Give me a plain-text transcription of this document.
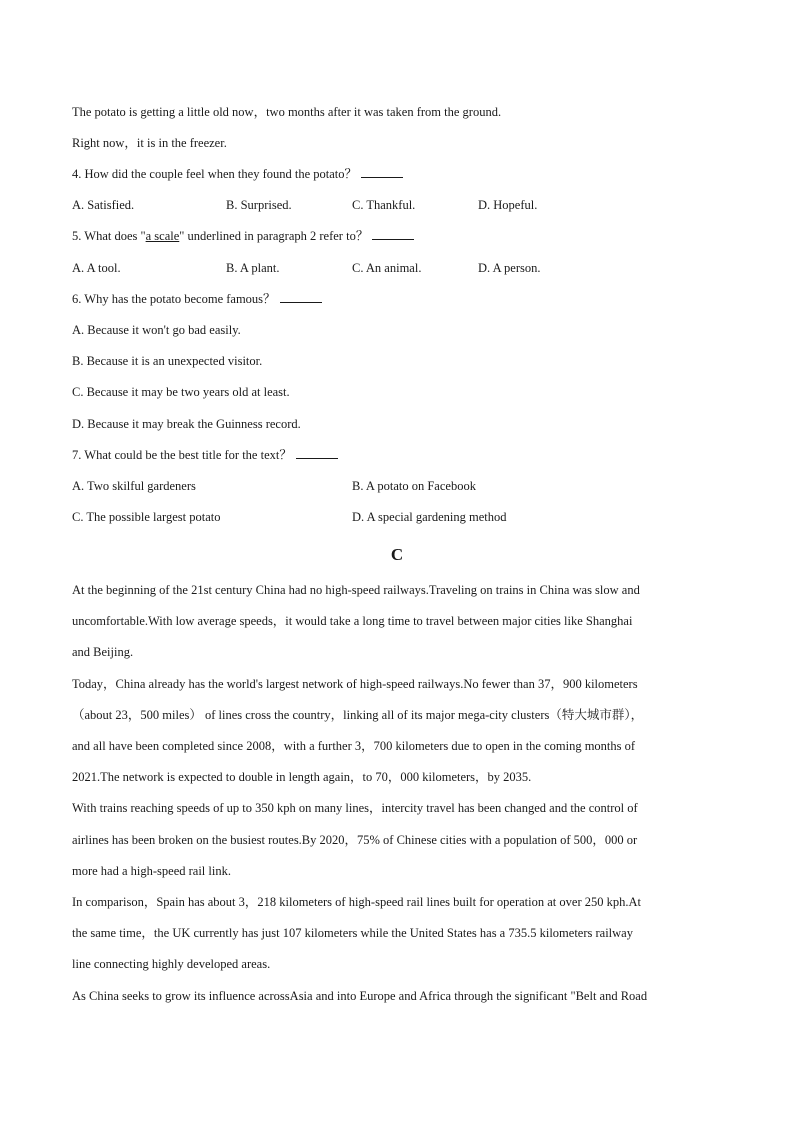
The potato is getting a little old now，two months after it was taken from the ground.
Right now，it is in the freezer.
4. How did the couple feel when they found the potato？
A. Satisfied.	B. Surprised.	C. Thankful.	D. Hopeful.
5. What does "a scale" underlined in paragraph 2 refer to？
A. A tool.	B. A plant.	C. An animal.	D. A person.
6. Why has the potato become famous？
A. Because it won't go bad easily.
B. Because it is an unexpected visitor.
C. Because it may be two years old at least.
D. Because it may break the Guinness record.
7. What could be the best title for the text？
A. Two skilful gardeners	B. A potato on Facebook
C. The possible largest potato	D. A special gardening method
C
At the beginning of the 21st century China had no high-speed railways.Traveling on trains in China was slow and
uncomfortable.With low average speeds，it would take a long time to travel between major cities like Shanghai
and Beijing.
Today，China already has the world's largest network of high-speed railways.No fewer than 37，900 kilometers
（about 23，500 miles） of lines cross the country，linking all of its major mega-city clusters（特大城市群），
and all have been completed since 2008，with a further 3，700 kilometers due to open in the coming months of
2021.The network is expected to double in length again，to 70，000 kilometers，by 2035.
With trains reaching speeds of up to 350 kph on many lines，intercity travel has been changed and the control of
airlines has been broken on the busiest routes.By 2020，75% of Chinese cities with a population of 500，000 or
more had a high-speed rail link.
In comparison，Spain has about 3，218 kilometers of high-speed rail lines built for operation at over 250 kph.At
the same time，the UK currently has just 107 kilometers while the United States has a 735.5 kilometers railway
line connecting highly developed areas.
As China seeks to grow its influence acrossAsia and into Europe and Africa through the significant "Belt and Road
